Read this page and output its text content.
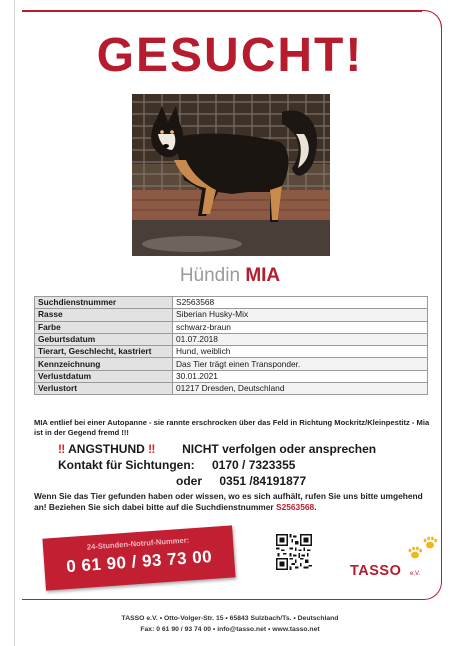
GESUCHT!
Hündin MIA
Suchdienstnummer	S2563568
Rasse	Siberian Husky-Mix
Farbe	schwarz-braun
Geburtsdatum	01.07.2018
Tierart, Geschlecht, kastriert	Hund, weiblich
Kennzeichnung	Das Tier trägt einen Transponder.
Verlustdatum	30.01.2021
Verlustort	01217 Dresden, Deutschland
MIA entlief bei einer Autopanne - sie rannte erschrocken über das Feld in Richtung Mockritz/Kleinpestitz - Mia ist in der Gegend fremd !!!
‼ ANGSTHUND ‼ NICHT verfolgen oder ansprechen
Kontakt für Sichtungen: 0170 / 7323355
oder 0351 /84191877
Wenn Sie das Tier gefunden haben oder wissen, wo es sich aufhält, rufen Sie uns bitte umgehend an! Beziehen Sie sich dabei bitte auf die Suchdienstnummer S2563568.
24-Stunden-Notruf-Nummer:
0 61 90 / 93 73 00	TASSO e.V.
TASSO e.V. • Otto-Volger-Str. 15 • 65843 Sulzbach/Ts. • Deutschland
Fax: 0 61 90 / 93 74 00 • info@tasso.net • www.tasso.net
